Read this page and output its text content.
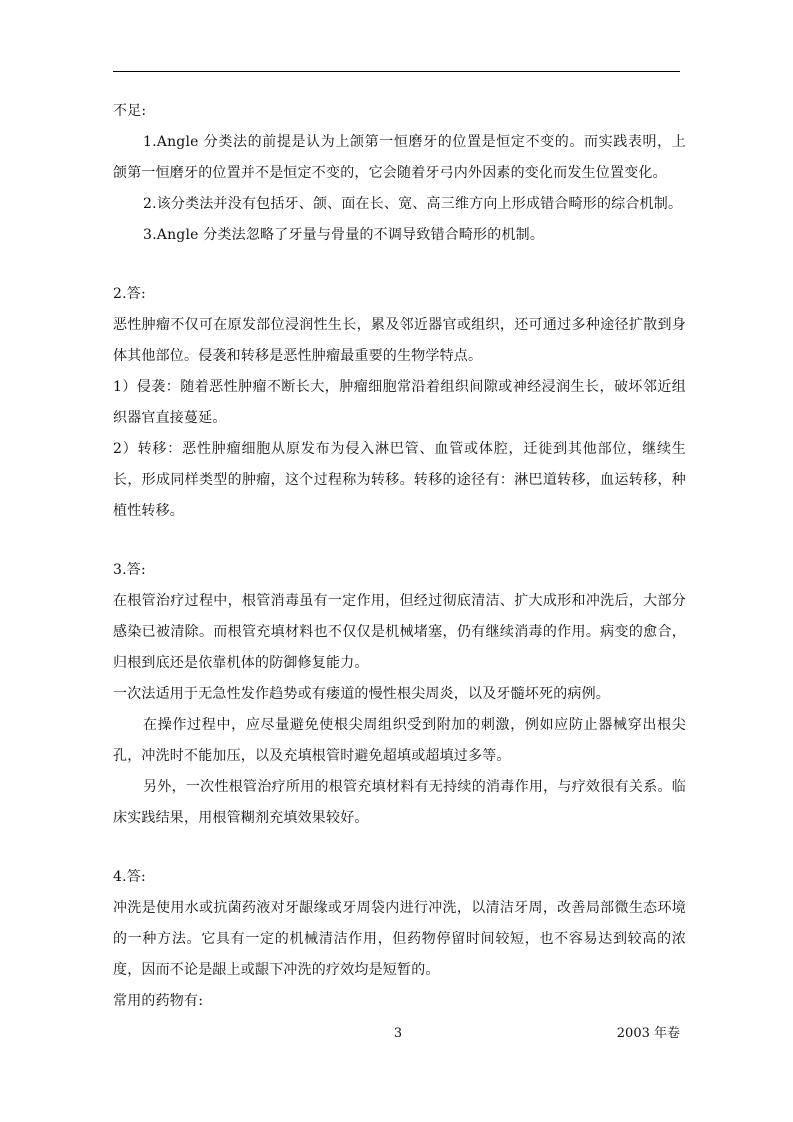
不足:

1.Angle 分类法的前提是认为上颌第一恒磨牙的位置是恒定不变的。而实践表明，上颌第一恒磨牙的位置并不是恒定不变的，它会随着牙弓内外因素的变化而发生位置变化。

2.该分类法并没有包括牙、颌、面在长、宽、高三维方向上形成错合畸形的综合机制。

3.Angle 分类法忽略了牙量与骨量的不调导致错合畸形的机制。

2.答:

恶性肿瘤不仅可在原发部位浸润性生长，累及邻近器官或组织，还可通过多种途径扩散到身体其他部位。侵袭和转移是恶性肿瘤最重要的生物学特点。

1）侵袭：随着恶性肿瘤不断长大，肿瘤细胞常沿着组织间隙或神经浸润生长，破坏邻近组织器官直接蔓延。

2）转移：恶性肿瘤细胞从原发布为侵入淋巴管、血管或体腔，迁徙到其他部位，继续生长，形成同样类型的肿瘤，这个过程称为转移。转移的途径有：淋巴道转移，血运转移，种植性转移。

3.答:

在根管治疗过程中，根管消毒虽有一定作用，但经过彻底清洁、扩大成形和冲洗后，大部分感染已被清除。而根管充填材料也不仅仅是机械堵塞，仍有继续消毒的作用。病变的愈合，归根到底还是依靠机体的防御修复能力。

一次法适用于无急性发作趋势或有瘘道的慢性根尖周炎，以及牙髓坏死的病例。

在操作过程中，应尽量避免使根尖周组织受到附加的刺激，例如应防止器械穿出根尖孔，冲洗时不能加压，以及充填根管时避免超填或超填过多等。

另外，一次性根管治疗所用的根管充填材料有无持续的消毒作用，与疗效很有关系。临床实践结果，用根管糊剂充填效果较好。

4.答:

冲洗是使用水或抗菌药液对牙龈缘或牙周袋内进行冲洗，以清洁牙周，改善局部微生态环境的一种方法。它具有一定的机械清洁作用，但药物停留时间较短，也不容易达到较高的浓度，因而不论是龈上或龈下冲洗的疗效均是短暂的。

常用的药物有:

3	2003 年卷
